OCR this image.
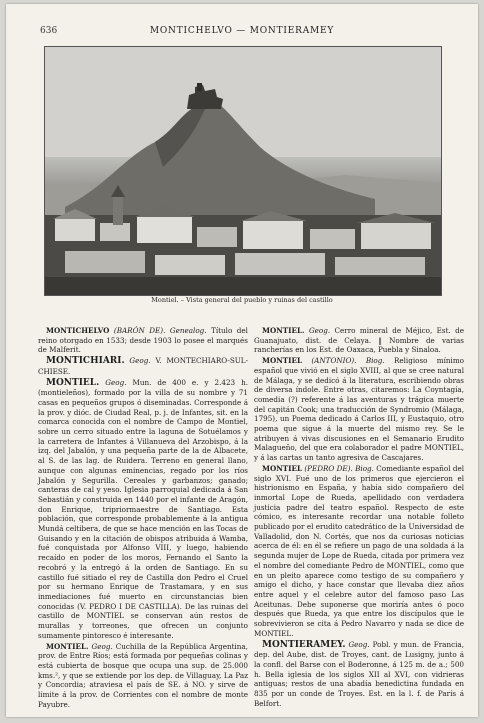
636	MONTICHELVO — MONTIERAMEY
Montiel. – Vista general del pueblo y ruinas del castillo

MONTICHELVO (BARÓN DE). Genealog. Título del reino otorgado en 1533; desde 1903 lo posee el marqués de Malferit.

MONTICHIARI. Geog. V. MONTECHIARO-SUL-CHIESE.

MONTIEL. Geog. Mun. de 400 e. y 2.423 h. (montieleños), formado por la villa de su nombre y 71 casas en pequeños grupos ó diseminadas. Corresponde á la prov. y dióc. de Ciudad Real, p. j. de Infantes, sit. en la comarca conocida con el nombre de Campo de Montiel, sobre un cerro situado entre la laguna de Sotuélamos y la carretera de Infantes á Villanueva del Arzobispo, á la izq. del Jabalón, y una pequeña parte de la de Albacete, al S. de las lag. de Ruidera. Terreno en general llano, aunque con algunas eminencias, regado por los ríos Jabalón y Segurilla. Cereales y garbanzos; ganado; canteras de cal y yeso. Iglesia parroquial dedicada á San Sebastián y construida en 1440 por el infante de Aragón, don Enrique, tripriormaestre de Santiago. Esta población, que corresponde probablemente á la antigua Mundá celtibera, de que se hace mención en las Tocas de Guisando y en la citación de obispos atribuida á Wamba, fué conquistada por Alfonso VIII, y luego, habiendo recaído en poder de los moros, Fernando el Santo la recobró y la entregó á la orden de Santiago. En su castillo fué sitiado el rey de Castilla don Pedro el Cruel por su hermano Enrique de Trastamara, y en sus inmediaciones fué muerto en circunstancias bien conocidas (V. PEDRO I DE CASTILLA). De las ruinas del castillo de MONTIEL se conservan aún restos de murallas y torreones, que ofrecen un conjunto sumamente pintoresco é interesante.

MONTIEL. Geog. Cuchilla de la República Argentina, prov. de Entre Ríos; está formada por pequeñas colinas y está cubierta de bosque que ocupa una sup. de 25.000 kms.², y que se extiende por los dep. de Villaguay, La Paz y Concordia; atraviesa el país de SE. á NO. y sirve de límite á la prov. de Corrientes con el nombre de monte Payubre.

MONTIEL. Geog. Cerro mineral de Méjico, Est. de Guanajuato, dist. de Celaya. ‖ Nombre de varias rancherías en los Est. de Oaxaca, Puebla y Sinaloa.

MONTIEL (ANTONIO). Biog. Religioso mínimo español que vivió en el siglo XVIII, al que se cree natural de Málaga, y se dedicó á la literatura, escribiendo obras de diversa índole. Entre otras, citaremos: La Coyntagía, comedia (?) referente á las aventuras y trágica muerte del capitán Cook; una traducción de Syndromio (Málaga, 1795), un Poema dedicado á Carlos III, y Eustaquio, otro poema que sigue á la muerte del mismo rey. Se le atribuyen á vivas discusiones en el Semanario Erudito Malagueño, del que era colaborador el padre MONTIEL, y á las cartas un tanto agresiva de Cascajares.

MONTIEL (PEDRO DE). Biog. Comediante español del siglo XVI. Fué uno de los primeros que ejercieron el histrionismo en España, y había sido compañero del inmortal Lope de Rueda, apellidado con verdadera justicia padre del teatro español. Respecto de este cómico, es interesante recordar una notable folleto publicado por el erudito catedrático de la Universidad de Valladolid, don N. Cortés, que nos da curiosas noticias acerca de él: en él se refiere un pago de una soldada á la segunda mujer de Lope de Rueda, citada por primera vez el nombre del comediante Pedro de MONTIEL, como que en un pleito aparece como testigo de su compañero y amigo el dicho, y hace constar que llevaba diez años entre aquel y el celebre autor del famoso paso Las Aceitunas. Debe suponerse que moriría antes ó poco después que Rueda, ya que entre los discípulos que le sobrevivieron se cita á Pedro Navarro y nada se dice de MONTIEL.

MONTIERAMEY. Geog. Pobl. y mun. de Francia, dep. del Aube, dist. de Troyes, cant. de Lusigny, junto á la confl. del Barse con el Boderonne, á 125 m. de a.; 500 h. Bella iglesia de los siglos XII al XVI, con vidrieras antiguas; restos de una abadía benedictina fundada en 835 por un conde de Troyes. Est. en la l. f. de París á Belfort.
